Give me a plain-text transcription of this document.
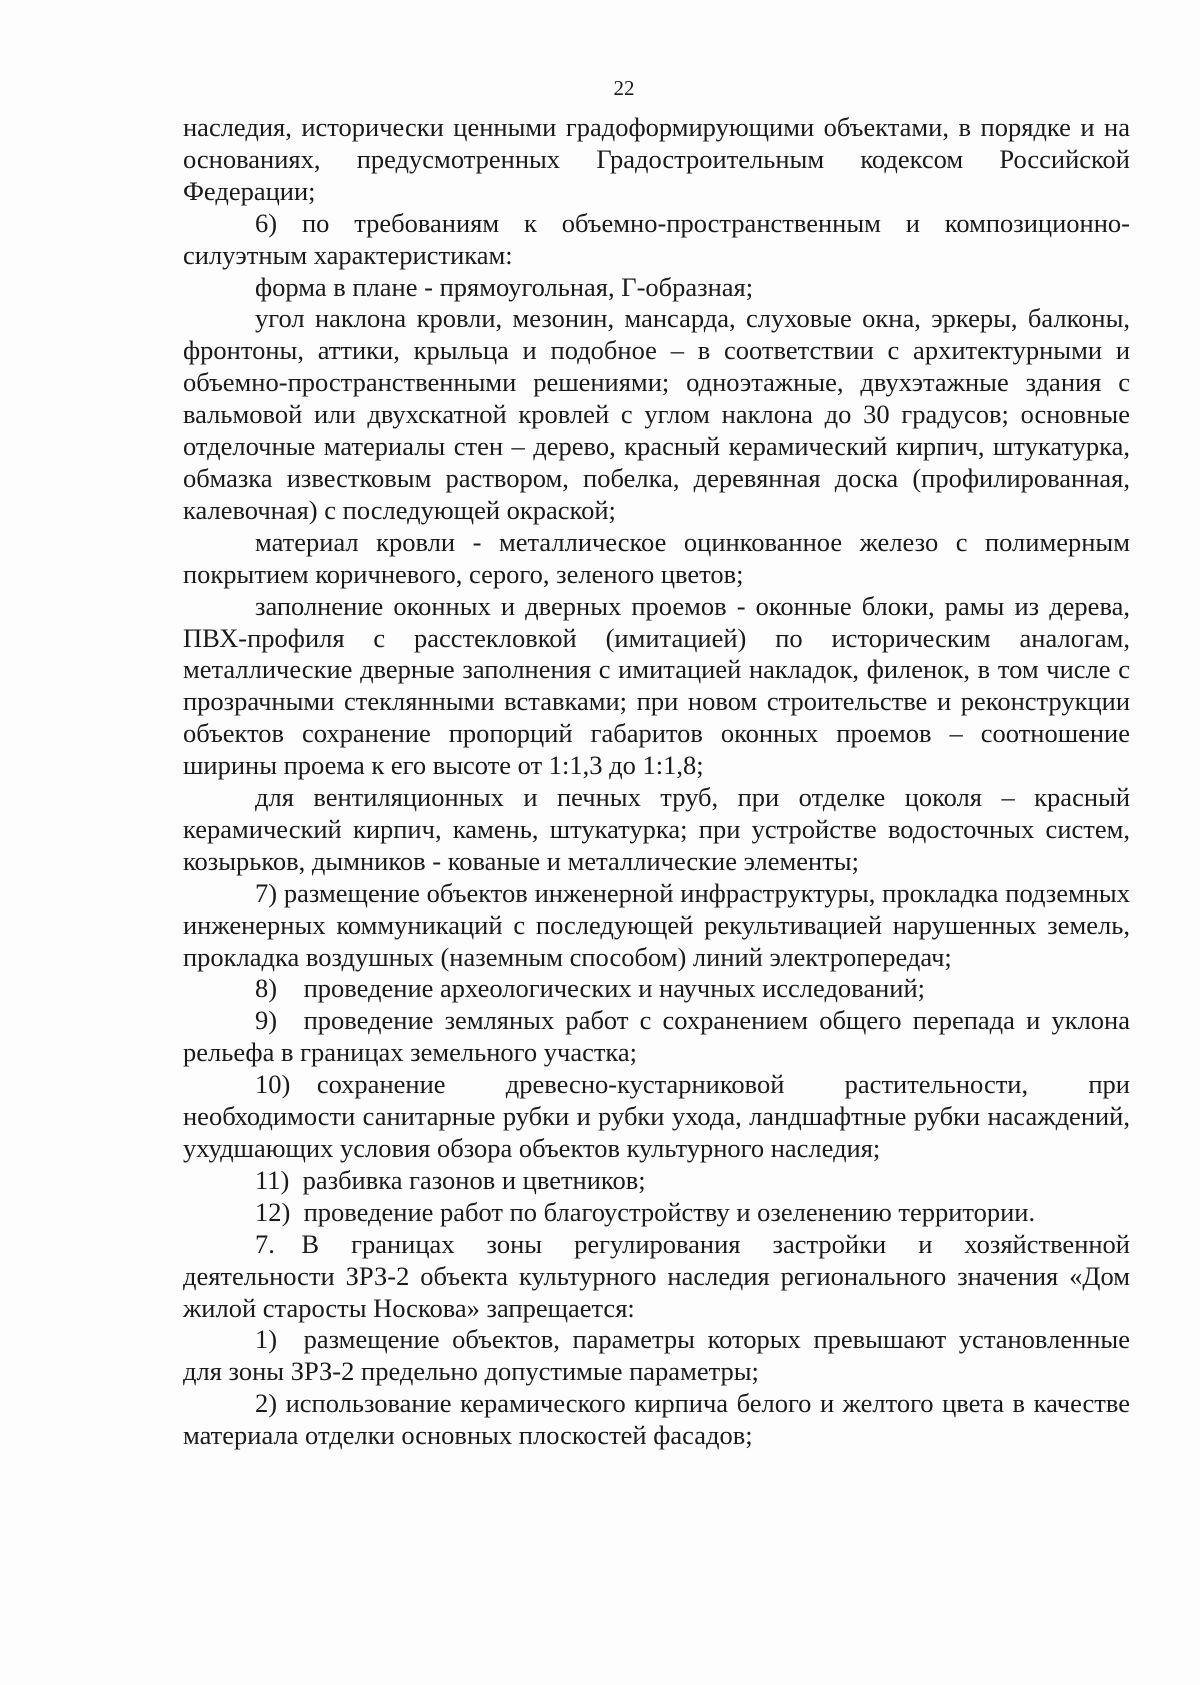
22

наследия, исторически ценными градоформирующими объектами, в порядке и на основаниях, предусмотренных Градостроительным кодексом Российской Федерации;

6) по требованиям к объемно-пространственным и композиционно-силуэтным характеристикам:

форма в плане - прямоугольная, Г-образная;

угол наклона кровли, мезонин, мансарда, слуховые окна, эркеры, балконы, фронтоны, аттики, крыльца и подобное – в соответствии с архитектурными и объемно-пространственными решениями; одноэтажные, двухэтажные здания с вальмовой или двухскатной кровлей с углом наклона до 30 градусов; основные отделочные материалы стен – дерево, красный керамический кирпич, штукатурка, обмазка известковым раствором, побелка, деревянная доска (профилированная, калевочная) с последующей окраской;

материал кровли - металлическое оцинкованное железо с полимерным покрытием коричневого, серого, зеленого цветов;

заполнение оконных и дверных проемов - оконные блоки, рамы из дерева, ПВХ-профиля с расстекловкой (имитацией) по историческим аналогам, металлические дверные заполнения с имитацией накладок, филенок, в том числе с прозрачными стеклянными вставками; при новом строительстве и реконструкции объектов сохранение пропорций габаритов оконных проемов – соотношение ширины проема к его высоте от 1:1,3 до 1:1,8;

для вентиляционных и печных труб, при отделке цоколя – красный керамический кирпич, камень, штукатурка; при устройстве водосточных систем, козырьков, дымников - кованые и металлические элементы;

7) размещение объектов инженерной инфраструктуры, прокладка подземных инженерных коммуникаций с последующей рекультивацией нарушенных земель, прокладка воздушных (наземным способом) линий электропередач;

8) проведение археологических и научных исследований;

9) проведение земляных работ с сохранением общего перепада и уклона рельефа в границах земельного участка;

10) сохранение древесно-кустарниковой растительности, при необходимости санитарные рубки и рубки ухода, ландшафтные рубки насаждений, ухудшающих условия обзора объектов культурного наследия;

11) разбивка газонов и цветников;

12) проведение работ по благоустройству и озеленению территории.

7. В границах зоны регулирования застройки и хозяйственной деятельности ЗРЗ-2 объекта культурного наследия регионального значения «Дом жилой старосты Носкова» запрещается:

1) размещение объектов, параметры которых превышают установленные для зоны ЗРЗ-2 предельно допустимые параметры;

2) использование керамического кирпича белого и желтого цвета в качестве материала отделки основных плоскостей фасадов;
